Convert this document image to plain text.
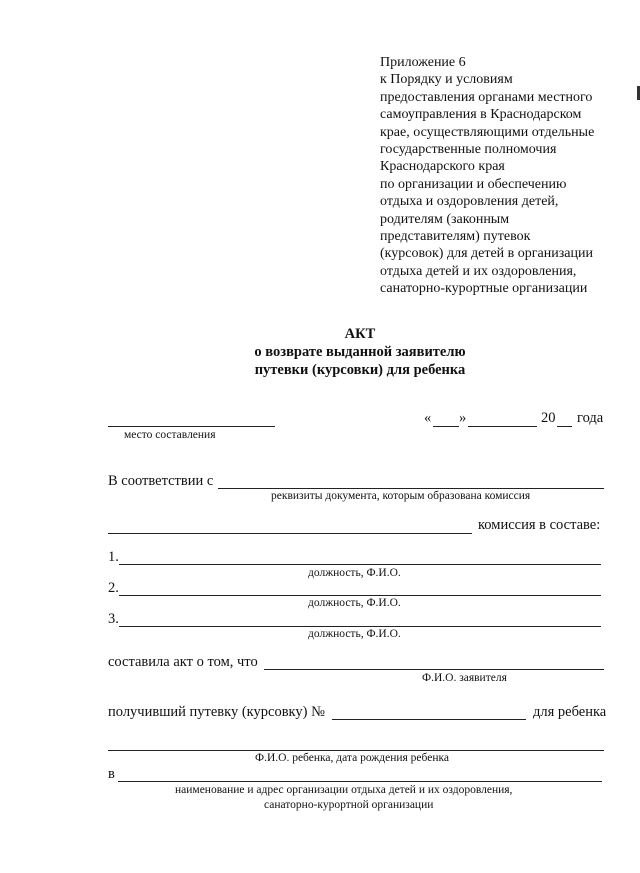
Приложение 6
к Порядку и условиям
предоставления органами местного
самоуправления в Краснодарском
крае, осуществляющими отдельные
государственные полномочия
Краснодарского края
по организации и обеспечению
отдыха и оздоровления детей,
родителям (законным
представителям) путевок
(курсовок) для детей в организации
отдыха детей и их оздоровления,
санаторно-курортные организации
АКТ
о возврате выданной заявителю
путевки (курсовки) для ребенка
место составления
« »	20 года
В соответствии с
реквизиты документа, которым образована комиссия
комиссия в составе:
1.
должность, Ф.И.О.
2.
должность, Ф.И.О.
3.
должность, Ф.И.О.
составила акт о том, что
Ф.И.О. заявителя
получивший путевку (курсовку) №	для ребенка
Ф.И.О. ребенка, дата рождения ребенка
в
наименование и адрес организации отдыха детей и их оздоровления,
санаторно-курортной организации
